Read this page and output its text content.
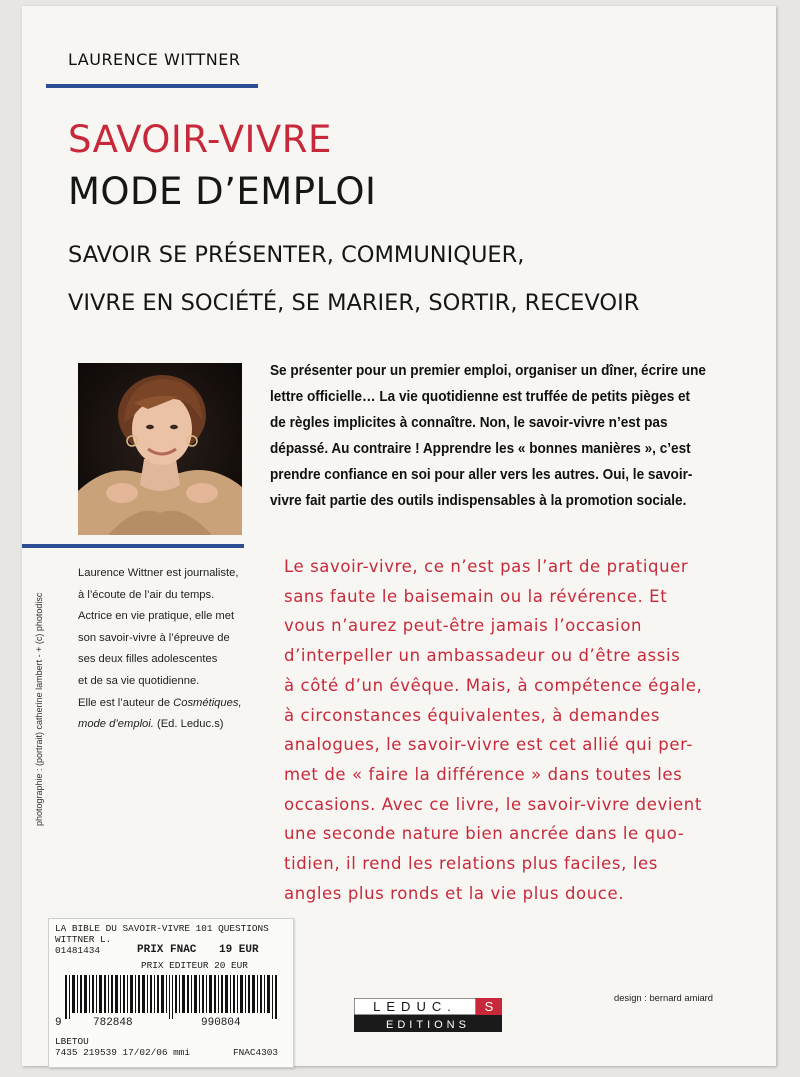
LAURENCE WITTNER
SAVOIR-VIVRE
MODE D’EMPLOI
SAVOIR SE PRÉSENTER, COMMUNIQUER,
VIVRE EN SOCIÉTÉ, SE MARIER, SORTIR, RECEVOIR
Se présenter pour un premier emploi, organiser un dîner, écrire une
lettre officielle… La vie quotidienne est truffée de petits pièges et
de règles implicites à connaître. Non, le savoir-vivre n’est pas
dépassé. Au contraire ! Apprendre les « bonnes manières », c’est
prendre confiance en soi pour aller vers les autres. Oui, le savoir-
vivre fait partie des outils indispensables à la promotion sociale.
photographie : (portrait) catherine lambert - + (c) photodisc
Laurence Wittner est journaliste,
à l’écoute de l’air du temps.
Actrice en vie pratique, elle met
son savoir-vivre à l’épreuve de
ses deux filles adolescentes
et de sa vie quotidienne.
Elle est l’auteur de Cosmétiques,
mode d’emploi. (Ed. Leduc.s)
Le savoir-vivre, ce n’est pas l’art de pratiquer
sans faute le baisemain ou la révérence. Et
vous n’aurez peut-être jamais l’occasion
d’interpeller un ambassadeur ou d’être assis
à côté d’un évêque. Mais, à compétence égale,
à circonstances équivalentes, à demandes
analogues, le savoir-vivre est cet allié qui per-
met de « faire la différence » dans toutes les
occasions. Avec ce livre, le savoir-vivre devient
une seconde nature bien ancrée dans le quo-
tidien, il rend les relations plus faciles, les
angles plus ronds et la vie plus douce.
design : bernard amiard
LEDUC. S
EDITIONS
LA BIBLE DU SAVOIR-VIVRE 101 QUESTIONS
WITTNER L.
01481434	PRIX FNAC 19 EUR
PRIX EDITEUR 20 EUR
9	782848	990804
LBETOU
7435 219539 17/02/06 mmi	FNAC4303
